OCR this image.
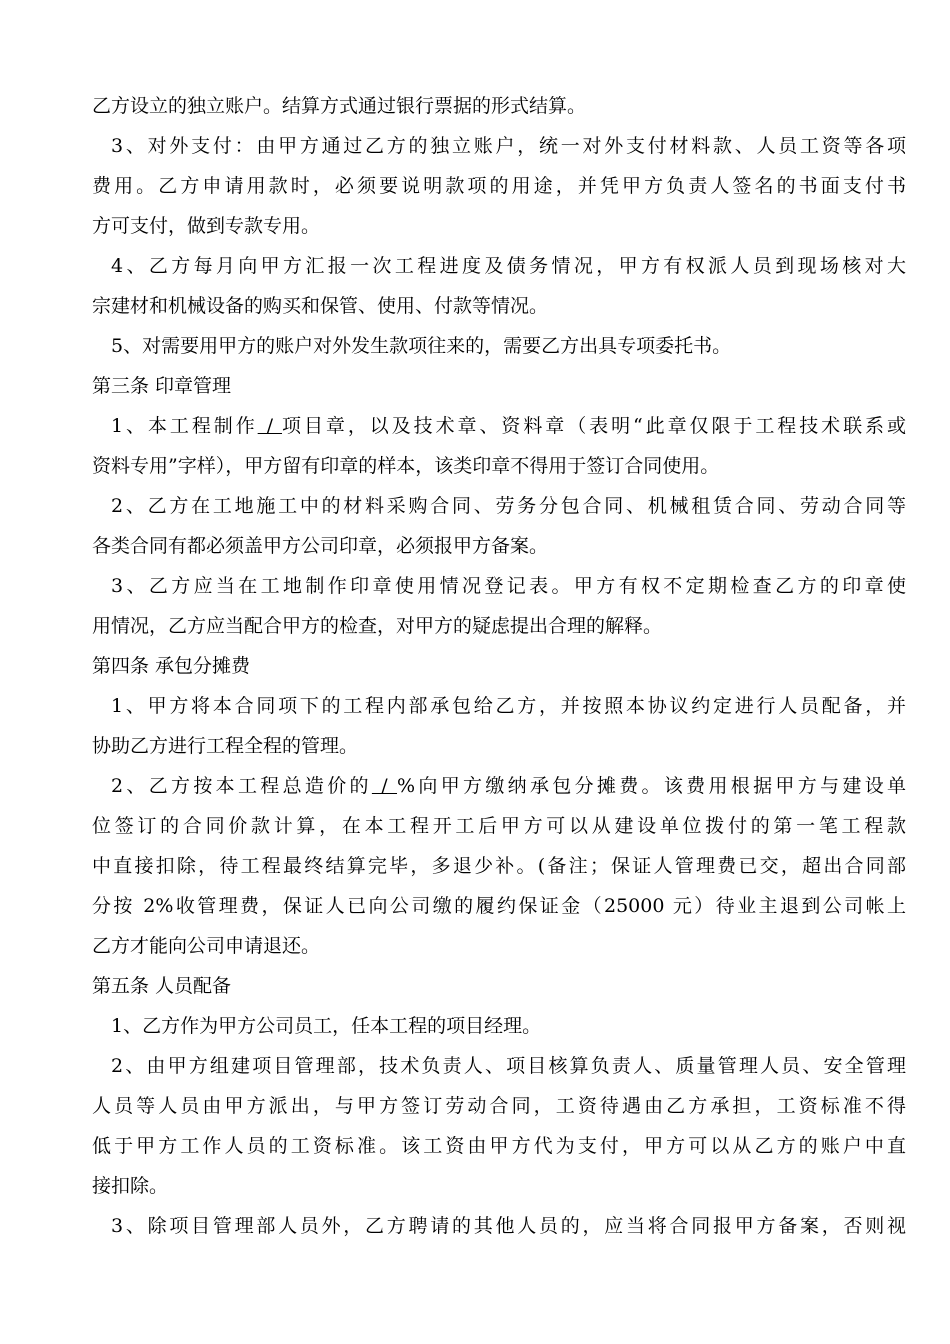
乙方设立的独立账户。结算方式通过银行票据的形式结算。
3、对外支付：由甲方通过乙方的独立账户，统一对外支付材料款、人员工资等各项
费用。乙方申请用款时，必须要说明款项的用途，并凭甲方负责人签名的书面支付书
方可支付，做到专款专用。
4、乙方每月向甲方汇报一次工程进度及债务情况，甲方有权派人员到现场核对大
宗建材和机械设备的购买和保管、使用、付款等情况。
5、对需要用甲方的账户对外发生款项往来的，需要乙方出具专项委托书。
第三条 印章管理
1、本工程制作 / 项目章，以及技术章、资料章（表明“此章仅限于工程技术联系或
资料专用”字样），甲方留有印章的样本，该类印章不得用于签订合同使用。
2、乙方在工地施工中的材料采购合同、劳务分包合同、机械租赁合同、劳动合同等
各类合同有都必须盖甲方公司印章，必须报甲方备案。
3、乙方应当在工地制作印章使用情况登记表。甲方有权不定期检查乙方的印章使
用情况，乙方应当配合甲方的检查，对甲方的疑虑提出合理的解释。
第四条 承包分摊费
1、甲方将本合同项下的工程内部承包给乙方，并按照本协议约定进行人员配备，并
协助乙方进行工程全程的管理。
2、乙方按本工程总造价的 / %向甲方缴纳承包分摊费。该费用根据甲方与建设单
位签订的合同价款计算，在本工程开工后甲方可以从建设单位拨付的第一笔工程款
中直接扣除，待工程最终结算完毕，多退少补。(备注；保证人管理费已交，超出合同部
分按 2%收管理费，保证人已向公司缴的履约保证金（25000 元）待业主退到公司帐上
乙方才能向公司申请退还。
第五条 人员配备
1、乙方作为甲方公司员工，任本工程的项目经理。
2、由甲方组建项目管理部，技术负责人、项目核算负责人、质量管理人员、安全管理
人员等人员由甲方派出，与甲方签订劳动合同，工资待遇由乙方承担，工资标准不得
低于甲方工作人员的工资标准。该工资由甲方代为支付，甲方可以从乙方的账户中直
接扣除。
3、除项目管理部人员外，乙方聘请的其他人员的，应当将合同报甲方备案，否则视
